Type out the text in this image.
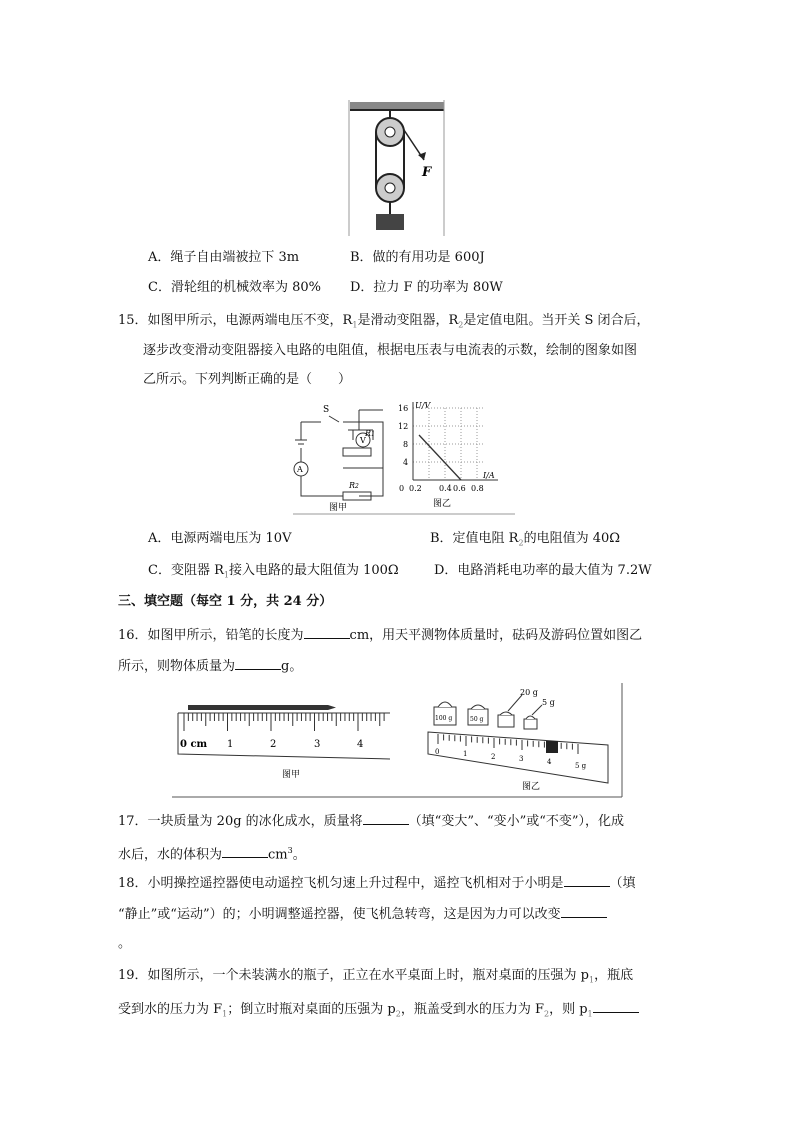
F
A．绳子自由端被拉下 3m	B．做的有用功是 600J
C．滑轮组的机械效率为 80% D．拉力 F 的功率为 80W
15．如图甲所示，电源两端电压不变，$R_1$是滑动变阻器，$R_2$是定值电阻。当开关 S 闭合后，
逐步改变滑动变阻器接入电路的电阻值，根据电压表与电流表的示数，绘制的图象如图
乙所示。下列判断正确的是（　　）
S
A
V
R1
R2
图甲
U/V
I/A
16
12
8
4
0 0.2 0.4 0.6 0.8
图乙
A．电源两端电压为 10V	B．定值电阻 $R_2$的电阻值为 40Ω
C．变阻器 $R_1$接入电路的最大阻值为 100Ω	D．电路消耗电功率的最大值为 7.2W
三、填空题（每空 1 分，共 24 分）
16．如图甲所示，铅笔的长度为	cm，用天平测物体质量时，砝码及游码位置如图乙
所示，则物体质量为	g。
0 cm 1	2	3	4
图甲
100 g	50 g
20 g
5 g
0	1	2	3	4	5 g
图乙
17．一块质量为 20g 的冰化成水，质量将	（填“变大”、“变小”或“不变”），化成
水后，水的体积为	$cm^3$。
18．小明操控遥控器使电动遥控飞机匀速上升过程中，遥控飞机相对于小明是	（填
“静止”或“运动”）的；小明调整遥控器，使飞机急转弯，这是因为力可以改变
。
19．如图所示，一个未装满水的瓶子，正立在水平桌面上时，瓶对桌面的压强为 $p_1$，瓶底
受到水的压力为 $F_1$；倒立时瓶对桌面的压强为 $p_2$，瓶盖受到水的压力为 $F_2$，则 $p_1$
